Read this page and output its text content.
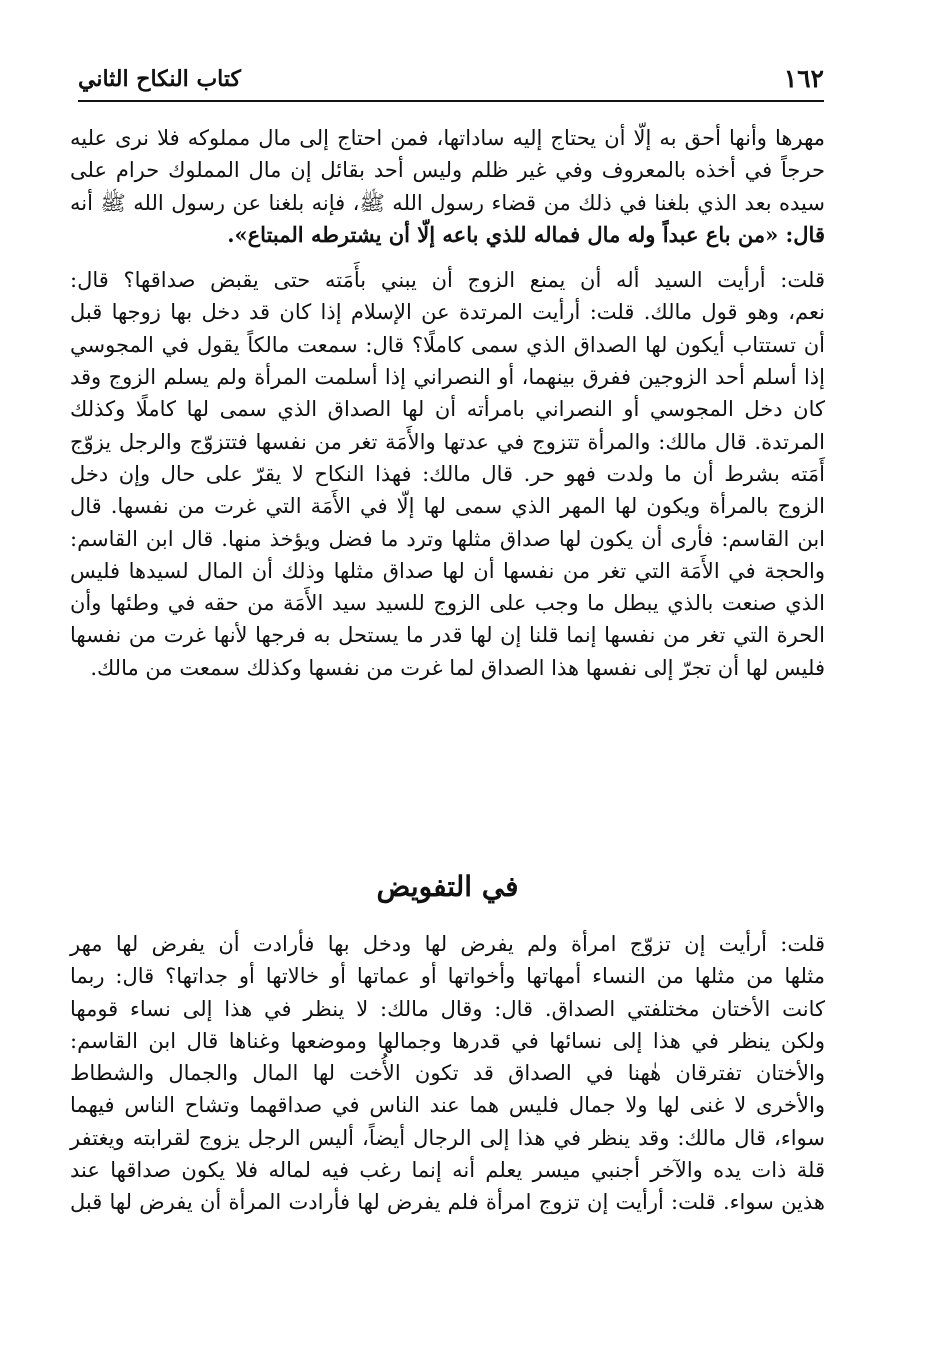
١٦٢
كتاب النكاح الثاني

مهرها وأنها أحق به إلّا أن يحتاج إليه ساداتها، فمن احتاج إلى مال مملوكه فلا نرى عليه
حرجاً في أخذه بالمعروف وفي غير ظلم وليس أحد بقائل إن مال المملوك حرام على
سيده بعد الذي بلغنا في ذلك من قضاء رسول الله ﷺ، فإنه بلغنا عن رسول الله ﷺ أنه
قال: «من باع عبداً وله مال فماله للذي باعه إلّا أن يشترطه المبتاع».

قلت: أرأيت السيد أله أن يمنع الزوج أن يبني بأَمَته حتى يقبض صداقها؟ قال:
نعم، وهو قول مالك. قلت: أرأيت المرتدة عن الإسلام إذا كان قد دخل بها زوجها قبل
أن تستتاب أيكون لها الصداق الذي سمى كاملًا؟ قال: سمعت مالكاً يقول في المجوسي
إذا أسلم أحد الزوجين ففرق بينهما، أو النصراني إذا أسلمت المرأة ولم يسلم الزوج وقد
كان دخل المجوسي أو النصراني بامرأته أن لها الصداق الذي سمى لها كاملًا وكذلك
المرتدة. قال مالك: والمرأة تتزوج في عدتها والأَمَة تغر من نفسها فتتزوّج والرجل يزوّج
أَمَته بشرط أن ما ولدت فهو حر. قال مالك: فهذا النكاح لا يقرّ على حال وإن دخل
الزوج بالمرأة ويكون لها المهر الذي سمى لها إلّا في الأَمَة التي غرت من نفسها. قال
ابن القاسم: فأرى أن يكون لها صداق مثلها وترد ما فضل ويؤخذ منها. قال ابن القاسم:
والحجة في الأَمَة التي تغر من نفسها أن لها صداق مثلها وذلك أن المال لسيدها فليس
الذي صنعت بالذي يبطل ما وجب على الزوج للسيد سيد الأَمَة من حقه في وطئها وأن
الحرة التي تغر من نفسها إنما قلنا إن لها قدر ما يستحل به فرجها لأنها غرت من نفسها
فليس لها أن تجرّ إلى نفسها هذا الصداق لما غرت من نفسها وكذلك سمعت من مالك.

في التفويض

قلت: أرأيت إن تزوّج امرأة ولم يفرض لها ودخل بها فأرادت أن يفرض لها مهر
مثلها من مثلها من النساء أمهاتها وأخواتها أو عماتها أو خالاتها أو جداتها؟ قال: ربما
كانت الأختان مختلفتي الصداق. قال: وقال مالك: لا ينظر في هذا إلى نساء قومها
ولكن ينظر في هذا إلى نسائها في قدرها وجمالها وموضعها وغناها قال ابن القاسم:
والأختان تفترقان هٰهنا في الصداق قد تكون الأُخت لها المال والجمال والشطاط
والأخرى لا غنى لها ولا جمال فليس هما عند الناس في صداقهما وتشاح الناس فيهما
سواء، قال مالك: وقد ينظر في هذا إلى الرجال أيضاً، أليس الرجل يزوج لقرابته ويغتفر
قلة ذات يده والآخر أجنبي ميسر يعلم أنه إنما رغب فيه لماله فلا يكون صداقها عند
هذين سواء. قلت: أرأيت إن تزوج امرأة فلم يفرض لها فأرادت المرأة أن يفرض لها قبل
